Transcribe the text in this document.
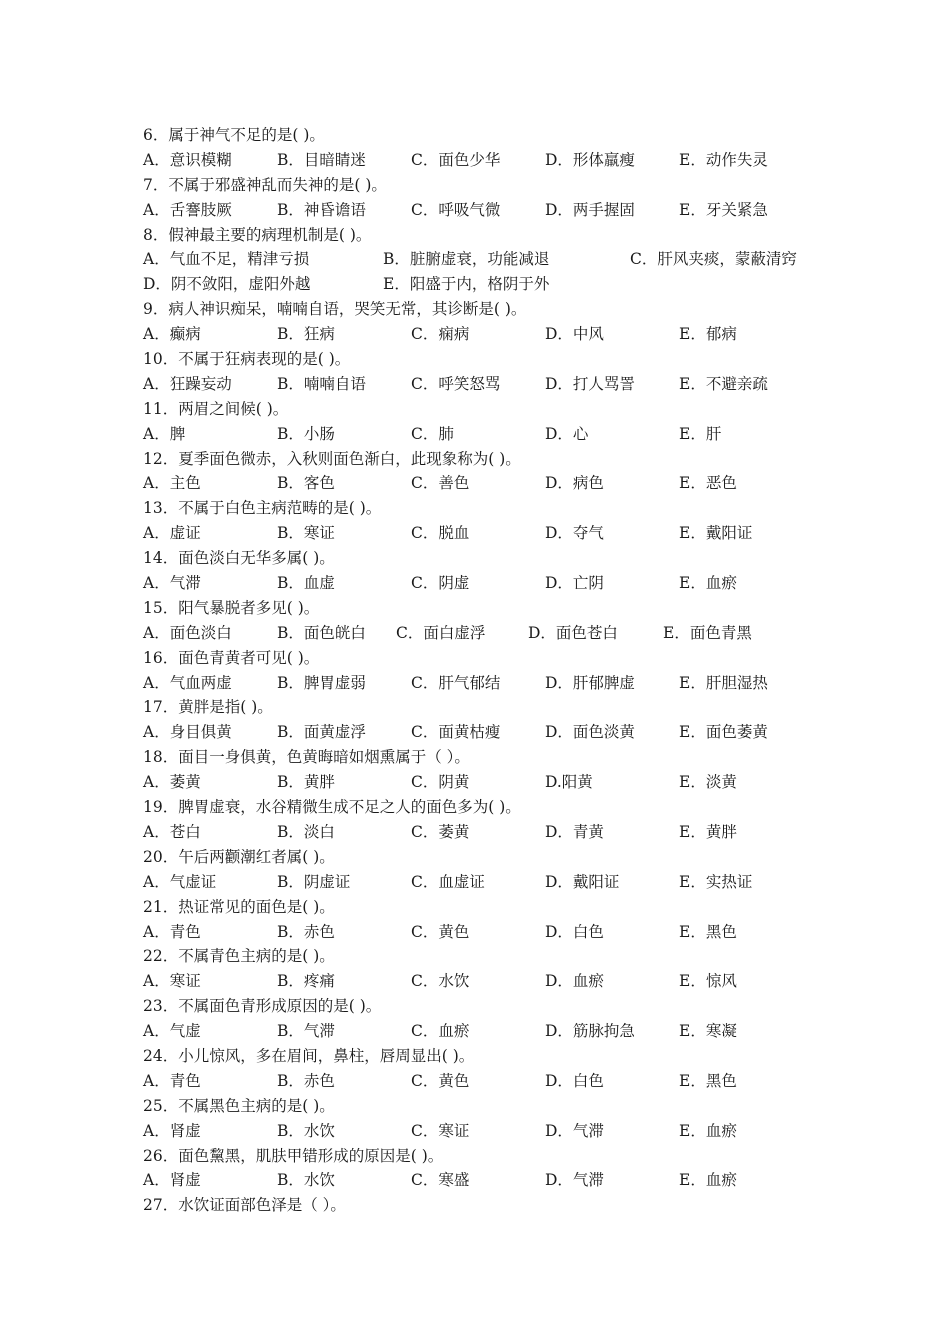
6．属于神气不足的是( )。
A．意识模糊	B．目暗睛迷	C．面色少华	D．形体羸瘦	E．动作失灵
7．不属于邪盛神乱而失神的是( )。
A．舌謇肢厥	B．神昏谵语	C．呼吸气微	D．两手握固	E．牙关紧急
8．假神最主要的病理机制是( )。
A．气血不足，精津亏损	B．脏腑虚衰，功能减退	C．肝风夹痰，蒙蔽清窍
D．阴不敛阳，虚阳外越	E．阳盛于内，格阴于外
9．病人神识痴呆，喃喃自语，哭笑无常，其诊断是( )。
A．癫病	B．狂病	C．痫病	D．中风	E．郁病
10．不属于狂病表现的是( )。
A．狂躁妄动	B．喃喃自语	C．呼笑怒骂	D．打人骂詈	E．不避亲疏
11．两眉之间候( )。
A．脾	B．小肠	C．肺	D．心	E．肝
12．夏季面色微赤，入秋则面色渐白，此现象称为( )。
A．主色	B．客色	C．善色	D．病色	E．恶色
13．不属于白色主病范畴的是( )。
A．虚证	B．寒证	C．脱血	D．夺气	E．戴阳证
14．面色淡白无华多属( )。
A．气滞	B．血虚	C．阴虚	D．亡阴	E．血瘀
15．阳气暴脱者多见( )。
A．面色淡白	B．面色㿠白 C．面白虚浮	D．面色苍白	E．面色青黑
16．面色青黄者可见( )。
A．气血两虚	B．脾胃虚弱	C．肝气郁结	D．肝郁脾虚	E．肝胆湿热
17．黄胖是指( )。
A．身目俱黄	B．面黄虚浮	C．面黄枯瘦	D．面色淡黄	E．面色萎黄
18．面目一身俱黄，色黄晦暗如烟熏属于（ ）。
A．萎黄	B．黄胖	C．阴黄	D.阳黄	E．淡黄
19．脾胃虚衰，水谷精微生成不足之人的面色多为( )。
A．苍白	B．淡白	C．萎黄	D．青黄	E．黄胖
20．午后两颧潮红者属( )。
A．气虚证	B．阴虚证	C．血虚证	D．戴阳证	E．实热证
21．热证常见的面色是( )。
A．青色	B．赤色	C．黄色	D．白色	E．黑色
22．不属青色主病的是( )。
A．寒证	B．疼痛	C．水饮	D．血瘀	E．惊风
23．不属面色青形成原因的是( )。
A．气虚	B．气滞	C．血瘀	D．筋脉拘急	E．寒凝
24．小儿惊风，多在眉间，鼻柱，唇周显出( )。
A．青色	B．赤色	C．黄色	D．白色	E．黑色
25．不属黑色主病的是( )。
A．肾虚	B．水饮	C．寒证	D．气滞	E．血瘀
26．面色黧黑，肌肤甲错形成的原因是( )。
A．肾虚	B．水饮	C．寒盛	D．气滞	E．血瘀
27．水饮证面部色泽是（ ）。
